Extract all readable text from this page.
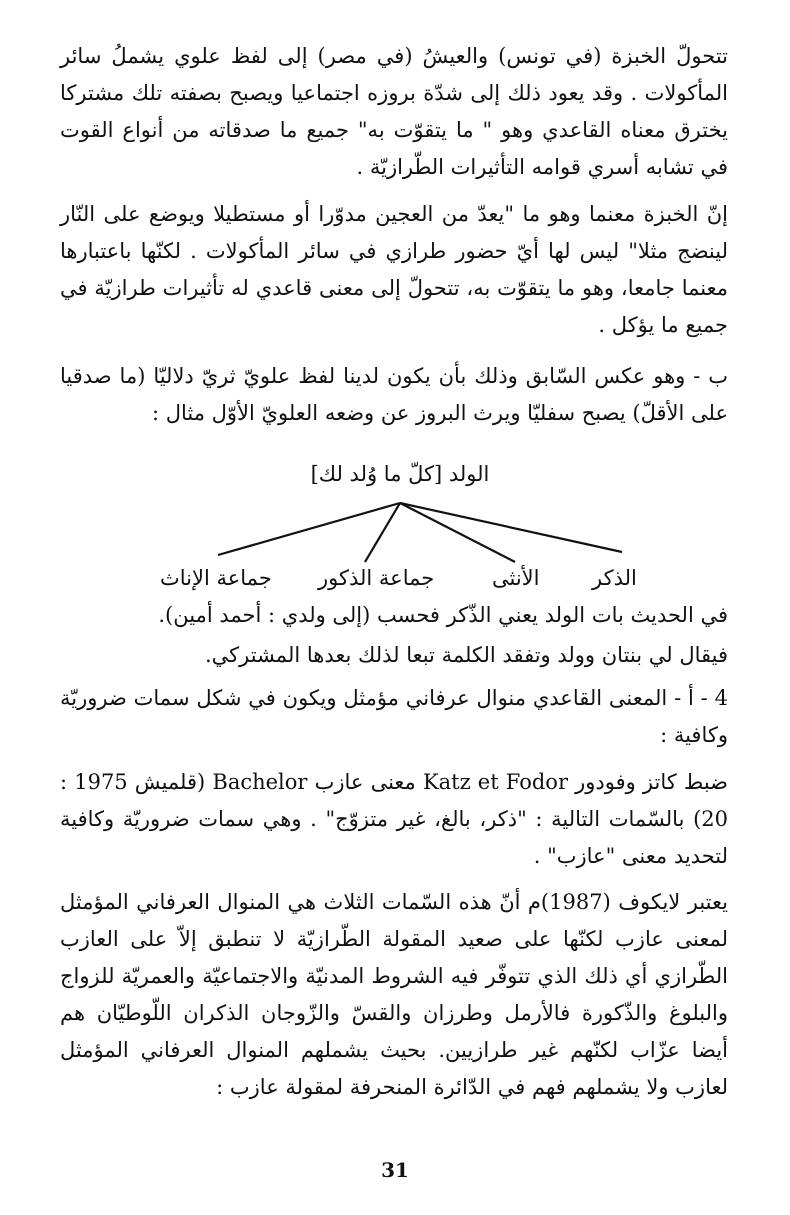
تتحولّ الخبزة (في تونس) والعيشُ (في مصر) إلى لفظ علوي يشملُ سائر المأكولات . وقد يعود ذلك إلى شدّة بروزه اجتماعيا ويصبح بصفته تلك مشتركا يخترق معناه القاعدي وهو " ما يتقوّت به" جميع ما صدقاته من أنواع القوت في تشابه أسري قوامه التأثيرات الطّرازيّة .

إنّ الخبزة معنما وهو ما "يعدّ من العجين مدوّرا أو مستطيلا ويوضع على النّار لينضج مثلا" ليس لها أيّ حضور طرازي في سائر المأكولات . لكنّها باعتبارها معنما جامعا، وهو ما يتقوّت به، تتحولّ إلى معنى قاعدي له تأثيرات طرازيّة في جميع ما يؤكل .

ب - وهو عكس السّابق وذلك بأن يكون لدينا لفظ علويّ ثريّ دلاليّا (ما صدقيا على الأقلّ) يصبح سفليّا ويرث البروز عن وضعه العلويّ الأوّل مثال :

الولد [كلّ ما وُلد لك]
الذكر
الأنثى
جماعة الذكور
جماعة الإناث

في الحديث بات الولد يعني الذّكر فحسب (إلى ولدي : أحمد أمين).

فيقال لي بنتان وولد وتفقد الكلمة تبعا لذلك بعدها المشتركي.

4 - أ - المعنى القاعدي منوال عرفاني مؤمثل ويكون في شكل سمات ضروريّة وكافية :

ضبط كاتز وفودور Katz et Fodor معنى عازب Bachelor (قلميش 1975 : 20) بالسّمات التالية : "ذكر، بالغ، غير متزوّج" . وهي سمات ضروريّة وكافية لتحديد معنى "عازب" .

يعتبر لايكوف (1987)م أنّ هذه السّمات الثلاث هي المنوال العرفاني المؤمثل لمعنى عازب لكنّها على صعيد المقولة الطّرازيّة لا تنطبق إلاّ على العازب الطّرازي أي ذلك الذي تتوفّر فيه الشروط المدنيّة والاجتماعيّة والعمريّة للزواج والبلوغ والذّكورة فالأرمل وطرزان والقسّ والزّوجان الذكران اللّوطيّان هم أيضا عزّاب لكنّهم غير طرازيين. بحيث يشملهم المنوال العرفاني المؤمثل لعازب ولا يشملهم فهم في الدّائرة المنحرفة لمقولة عازب :

31
